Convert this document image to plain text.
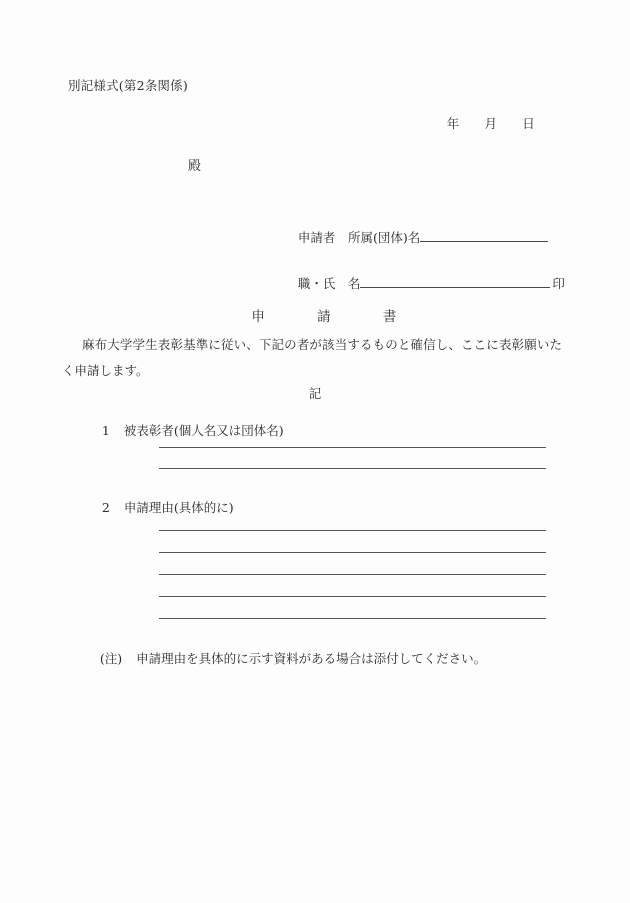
別記様式(第2条関係)

年 月 日

殿

申請者　 所属(団体)名

職・氏　名	印

申	請	書

麻布大学学生表彰基準に従い、下記の者が該当するものと確信し、ここに表彰願いたく申請します。
記

1 被表彰者(個人名又は団体名)

2 申請理由(具体的に)

(注) 申請理由を具体的に示す資料がある場合は添付してください。
